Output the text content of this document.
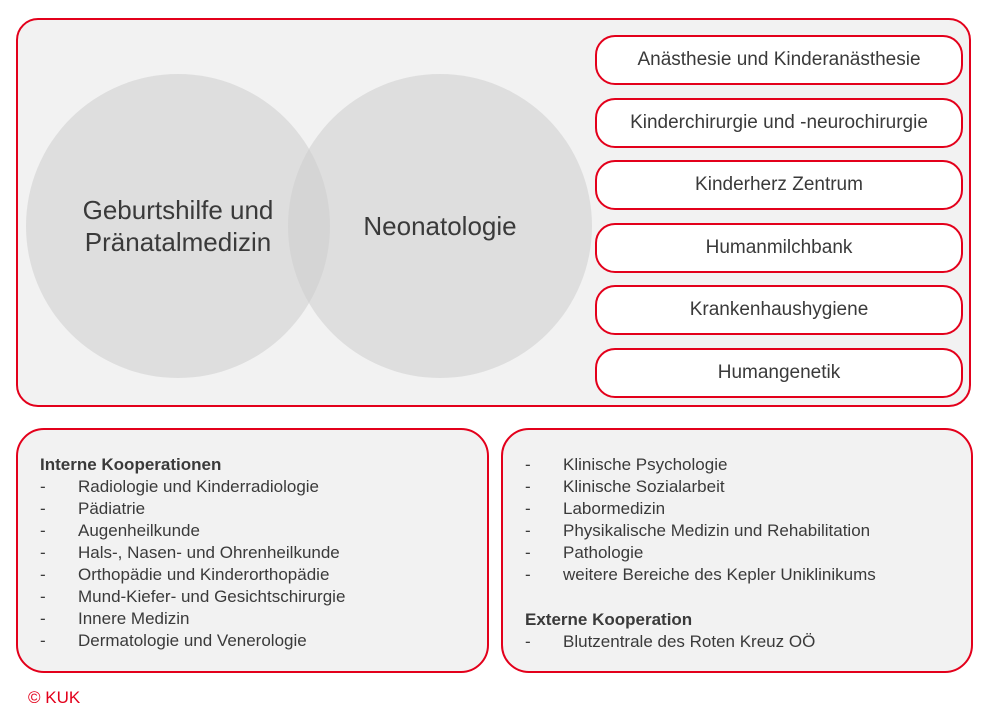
Geburtshilfe und Pränatalmedizin
Neonatologie
Anästhesie und Kinderanästhesie
Kinderchirurgie und -neurochirurgie
Kinderherz Zentrum
Humanmilchbank
Krankenhaushygiene
Humangenetik
Interne Kooperationen
-	Radiologie und Kinderradiologie
-	Pädiatrie
-	Augenheilkunde
-	Hals-, Nasen- und Ohrenheilkunde
-	Orthopädie und Kinderorthopädie
-	Mund-Kiefer- und Gesichtschirurgie
-	Innere Medizin
-	Dermatologie und Venerologie
-	Klinische Psychologie
-	Klinische Sozialarbeit
-	Labormedizin
-	Physikalische Medizin und Rehabilitation
-	Pathologie
-	weitere Bereiche des Kepler Uniklinikums
Externe Kooperation
-	Blutzentrale des Roten Kreuz OÖ
© KUK
